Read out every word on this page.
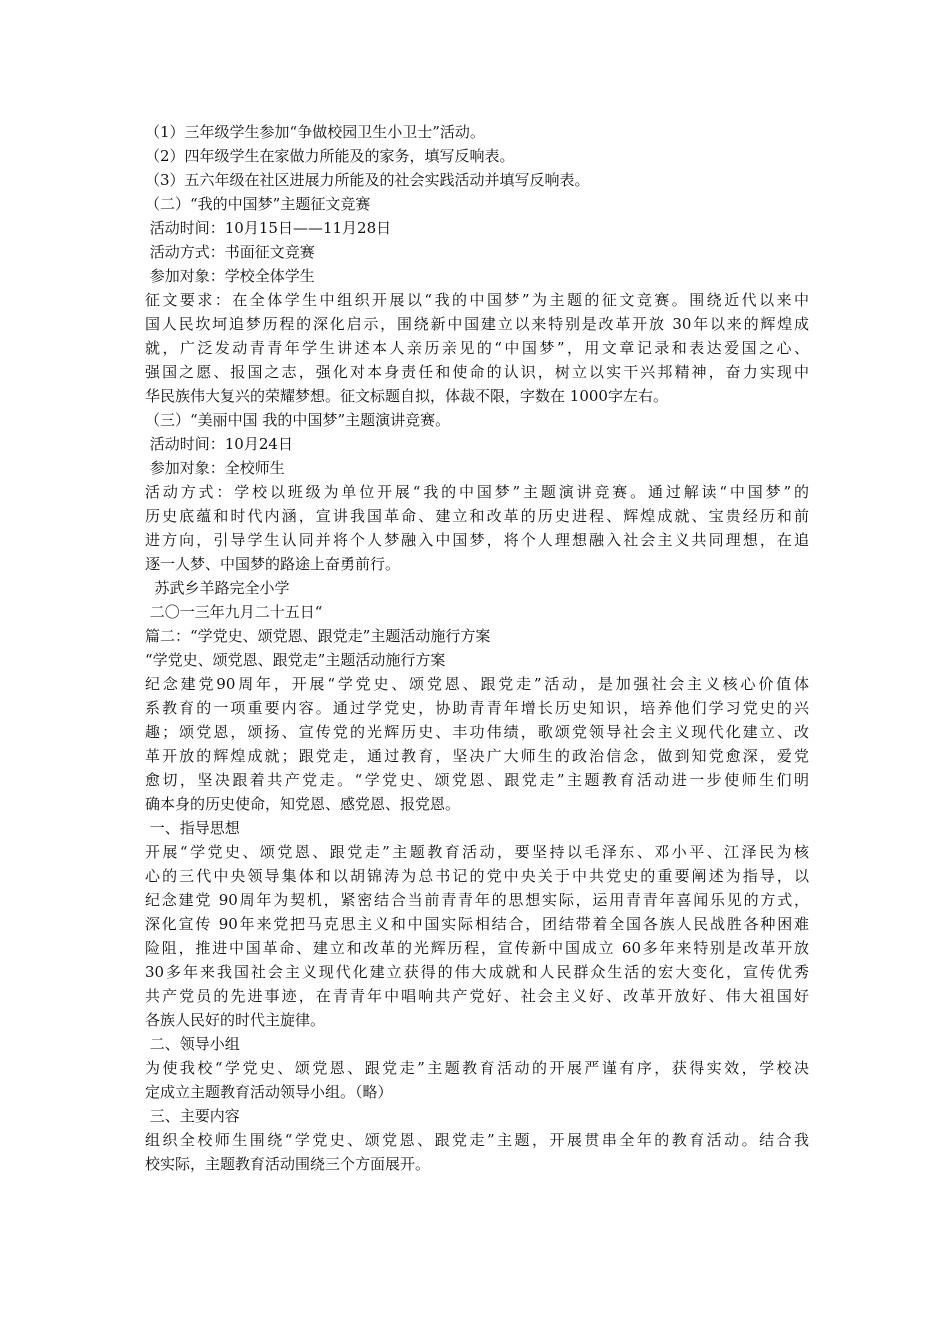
（1）三年级学生参加“争做校园卫生小卫士”活动。
（2）四年级学生在家做力所能及的家务，填写反响表。
（3）五六年级在社区进展力所能及的社会实践活动并填写反响表。
（二）“我的中国梦”主题征文竞赛
活动时间：10月15日——11月28日
活动方式：书面征文竞赛
参加对象：学校全体学生
征文要求：在全体学生中组织开展以“我的中国梦”为主题的征文竞赛。围绕近代以来中
国人民坎坷追梦历程的深化启示，围绕新中国建立以来特别是改革开放 30年以来的辉煌成
就，广泛发动青青年学生讲述本人亲历亲见的“中国梦”，用文章记录和表达爱国之心、
强国之愿、报国之志，强化对本身责任和使命的认识，树立以实干兴邦精神，奋力实现中
华民族伟大复兴的荣耀梦想。征文标题自拟，体裁不限，字数在 1000字左右。
（三）“美丽中国 我的中国梦”主题演讲竞赛。
活动时间：10月24日
参加对象：全校师生
活动方式：学校以班级为单位开展“我的中国梦”主题演讲竞赛。通过解读“中国梦”的
历史底蕴和时代内涵，宣讲我国革命、建立和改革的历史进程、辉煌成就、宝贵经历和前
进方向，引导学生认同并将个人梦融入中国梦，将个人理想融入社会主义共同理想，在追
逐一人梦、中国梦的路途上奋勇前行。
苏武乡羊路完全小学
二〇一三年九月二十五日“
篇二：“学党史、颂党恩、跟党走”主题活动施行方案
“学党史、颂党恩、跟党走”主题活动施行方案
纪念建党90周年，开展“学党史、颂党恩、跟党走”活动，是加强社会主义核心价值体
系教育的一项重要内容。通过学党史，协助青青年增长历史知识，培养他们学习党史的兴
趣；颂党恩，颂扬、宣传党的光辉历史、丰功伟绩，歌颂党领导社会主义现代化建立、改
革开放的辉煌成就；跟党走，通过教育，坚决广大师生的政治信念，做到知党愈深，爱党
愈切，坚决跟着共产党走。“学党史、颂党恩、跟党走”主题教育活动进一步使师生们明
确本身的历史使命，知党恩、感党恩、报党恩。
一、指导思想
开展“学党史、颂党恩、跟党走”主题教育活动，要坚持以毛泽东、邓小平、江泽民为核
心的三代中央领导集体和以胡锦涛为总书记的党中央关于中共党史的重要阐述为指导，以
纪念建党 90周年为契机，紧密结合当前青青年的思想实际，运用青青年喜闻乐见的方式，
深化宣传 90年来党把马克思主义和中国实际相结合，团结带着全国各族人民战胜各种困难
险阻，推进中国革命、建立和改革的光辉历程，宣传新中国成立 60多年来特别是改革开放
30多年来我国社会主义现代化建立获得的伟大成就和人民群众生活的宏大变化，宣传优秀
共产党员的先进事迹，在青青年中唱响共产党好、社会主义好、改革开放好、伟大祖国好
各族人民好的时代主旋律。
二、领导小组
为使我校“学党史、颂党恩、跟党走”主题教育活动的开展严谨有序，获得实效，学校决
定成立主题教育活动领导小组。（略）
三、主要内容
组织全校师生围绕“学党史、颂党恩、跟党走”主题，开展贯串全年的教育活动。结合我
校实际，主题教育活动围绕三个方面展开。
